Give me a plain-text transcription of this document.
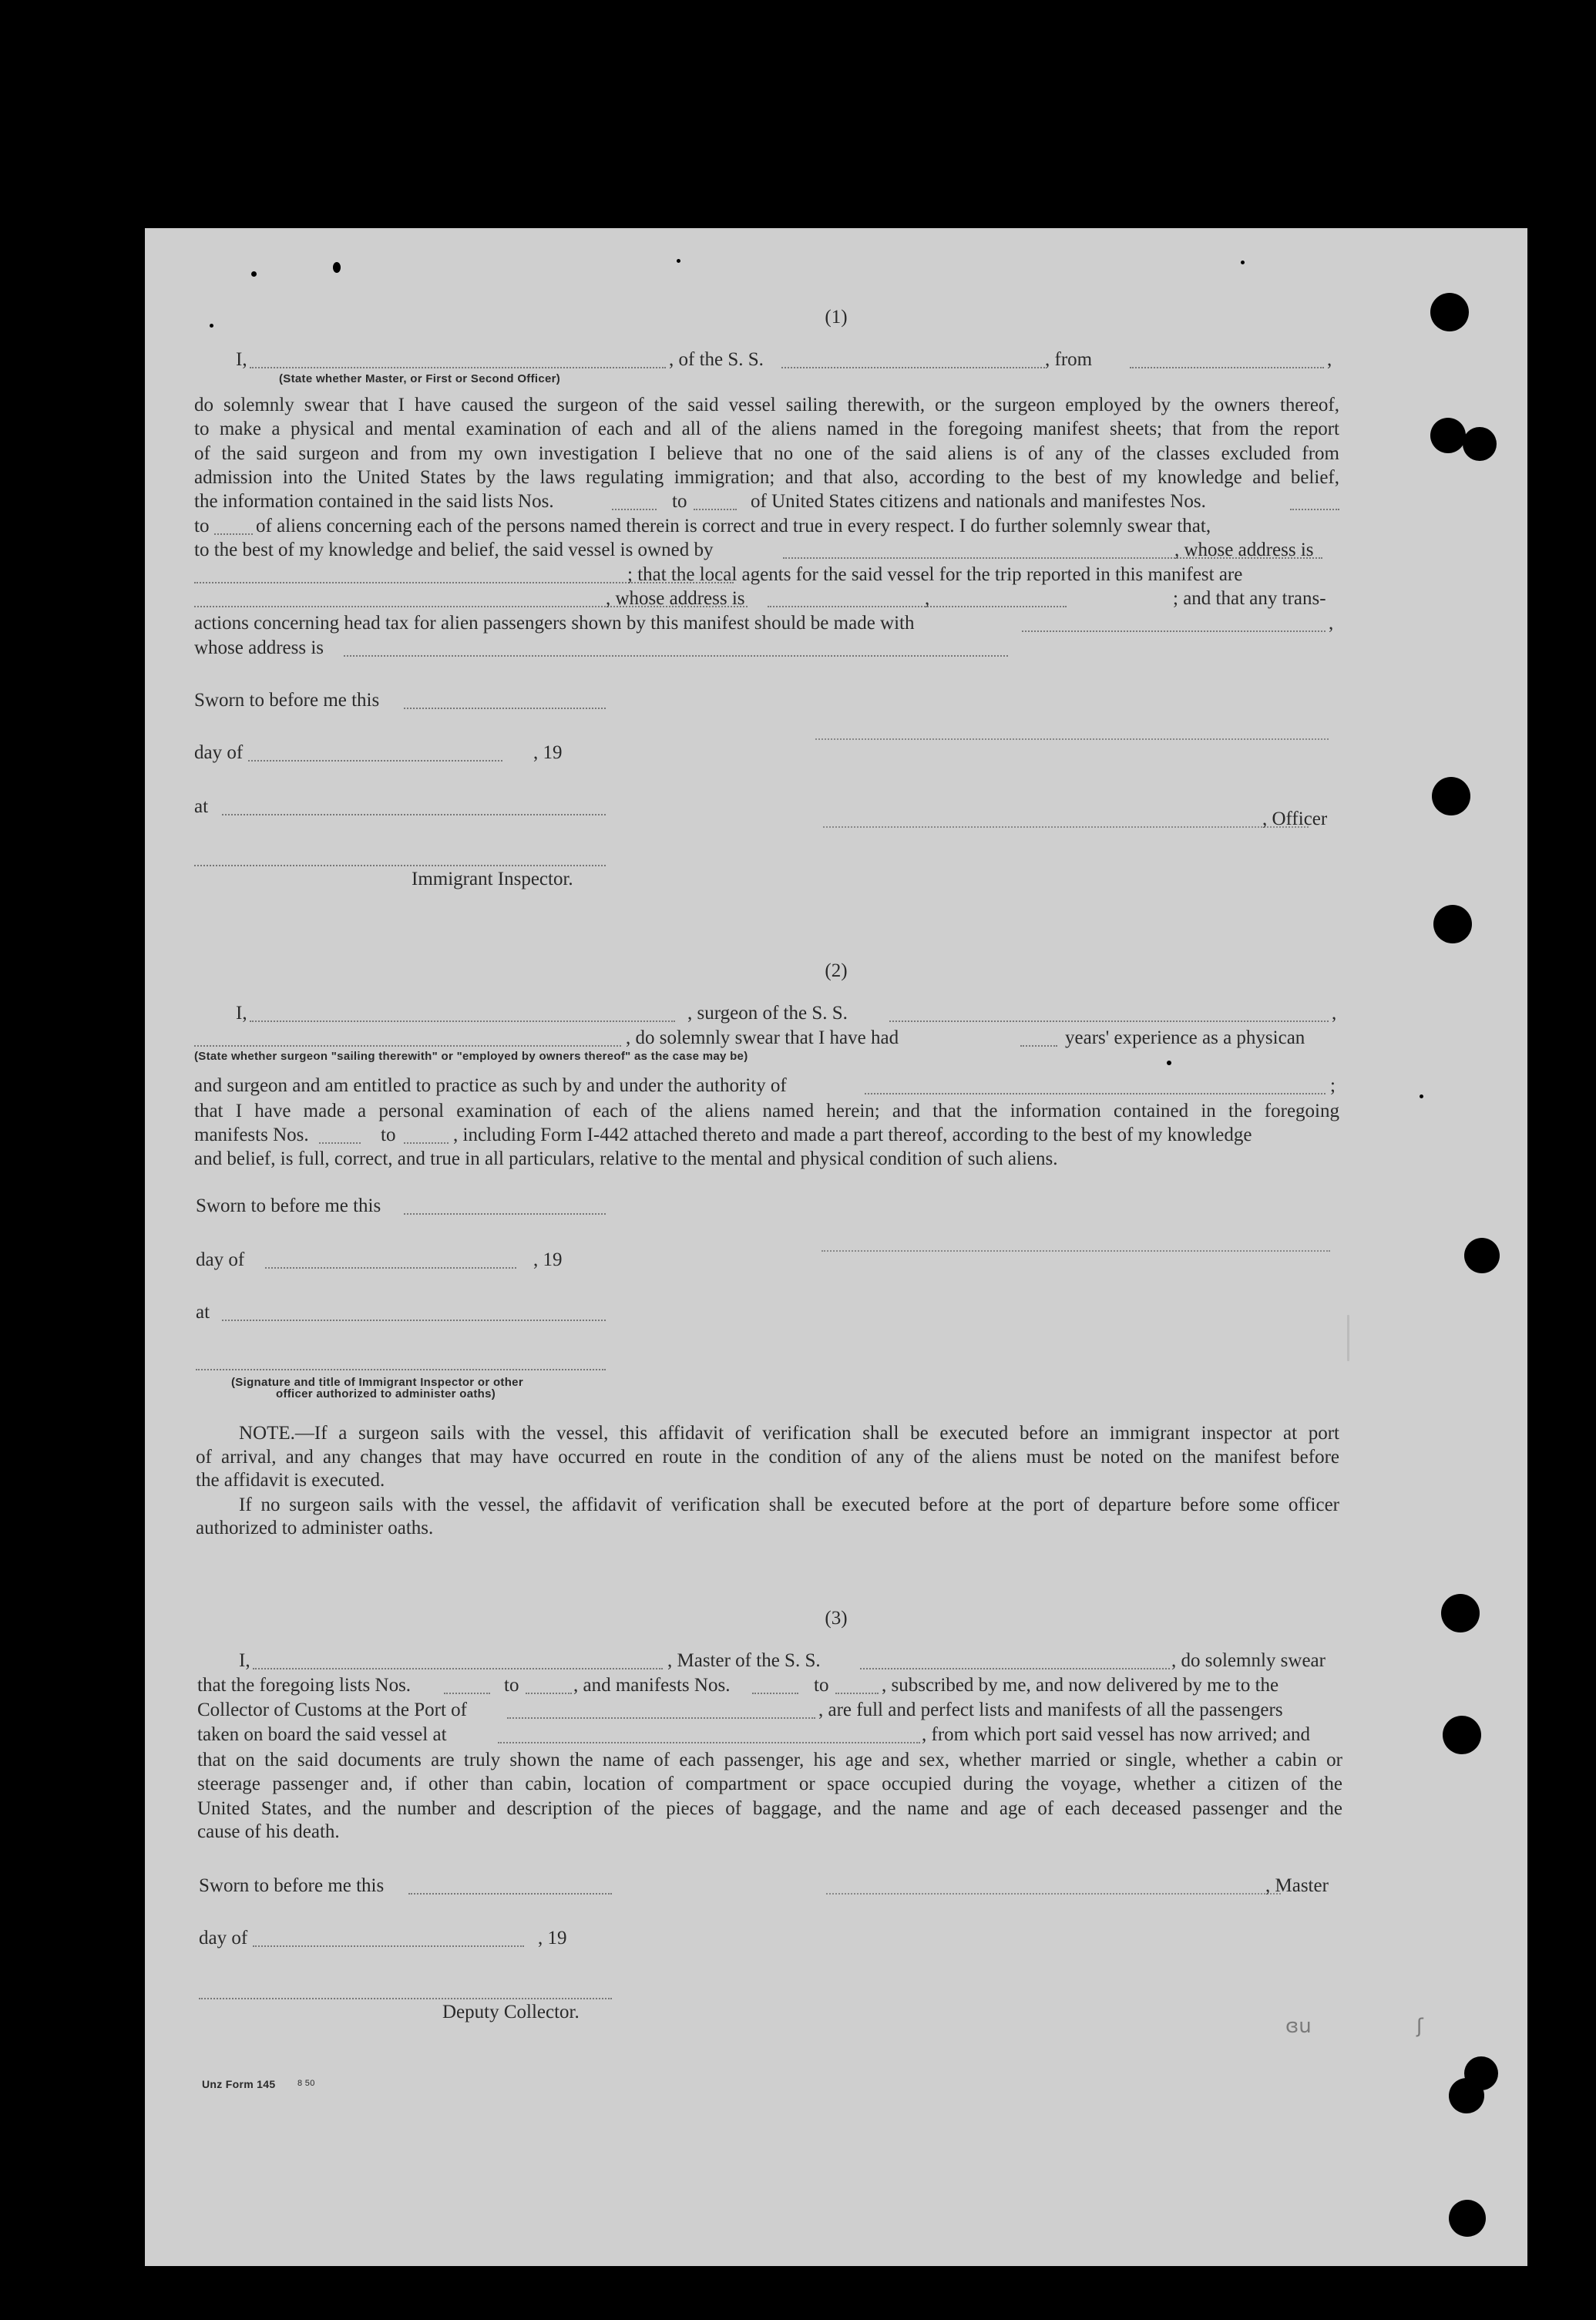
ɞu	ʃ
(1)
I,	, of the S. S.	, from	,
(State whether Master, or First or Second Officer)
do solemnly swear that I have caused the surgeon of the said vessel sailing therewith, or the surgeon employed by the owners thereof,
to make a physical and mental examination of each and all of the aliens named in the foregoing manifest sheets; that from the report
of the said surgeon and from my own investigation I believe that no one of the said aliens is of any of the classes excluded from
admission into the United States by the laws regulating immigration; and that also, according to the best of my knowledge and belief,
the information contained in the said lists Nos.	to	of United States citizens and nationals and manifestes Nos.
to of aliens concerning each of the persons named therein is correct and true in every respect. I do further solemnly swear that,
to the best of my knowledge and belief, the said vessel is owned by	, whose address is
; that the local agents for the said vessel for the trip reported in this manifest are
, whose address is	,	; and that any trans-
actions concerning head tax for alien passengers shown by this manifest should be made with	,
whose address is
Sworn to before me this
day of	, 19
at
, Officer
Immigrant Inspector.
(2)
I,	, surgeon of the S. S.	,
, do solemnly swear that I have had	years' experience as a physican
(State whether surgeon "sailing therewith" or "employed by owners thereof" as the case may be)
and surgeon and am entitled to practice as such by and under the authority of	;
that I have made a personal examination of each of the aliens named herein; and that the information contained in the foregoing
manifests Nos.	to	, including Form I-442 attached thereto and made a part thereof, according to the best of my knowledge
and belief, is full, correct, and true in all particulars, relative to the mental and physical condition of such aliens.
Sworn to before me this
day of	, 19
at
(Signature and title of Immigrant Inspector or other
officer authorized to administer oaths)
NOTE.—If a surgeon sails with the vessel, this affidavit of verification shall be executed before an immigrant inspector at port
of arrival, and any changes that may have occurred en route in the condition of any of the aliens must be noted on the manifest before
the affidavit is executed.
If no surgeon sails with the vessel, the affidavit of verification shall be executed before at the port of departure before some officer
authorized to administer oaths.
(3)
I,	, Master of the S. S.	, do solemnly swear
that the foregoing lists Nos.	to	, and manifests Nos.	to	, subscribed by me, and now delivered by me to the
Collector of Customs at the Port of	, are full and perfect lists and manifests of all the passengers
taken on board the said vessel at	, from which port said vessel has now arrived; and
that on the said documents are truly shown the name of each passenger, his age and sex, whether married or single, whether a cabin or
steerage passenger and, if other than cabin, location of compartment or space occupied during the voyage, whether a citizen of the
United States, and the number and description of the pieces of baggage, and the name and age of each deceased passenger and the
cause of his death.
Sworn to before me this	, Master
day of	, 19
Deputy Collector.
Unz Form 145	8 50
